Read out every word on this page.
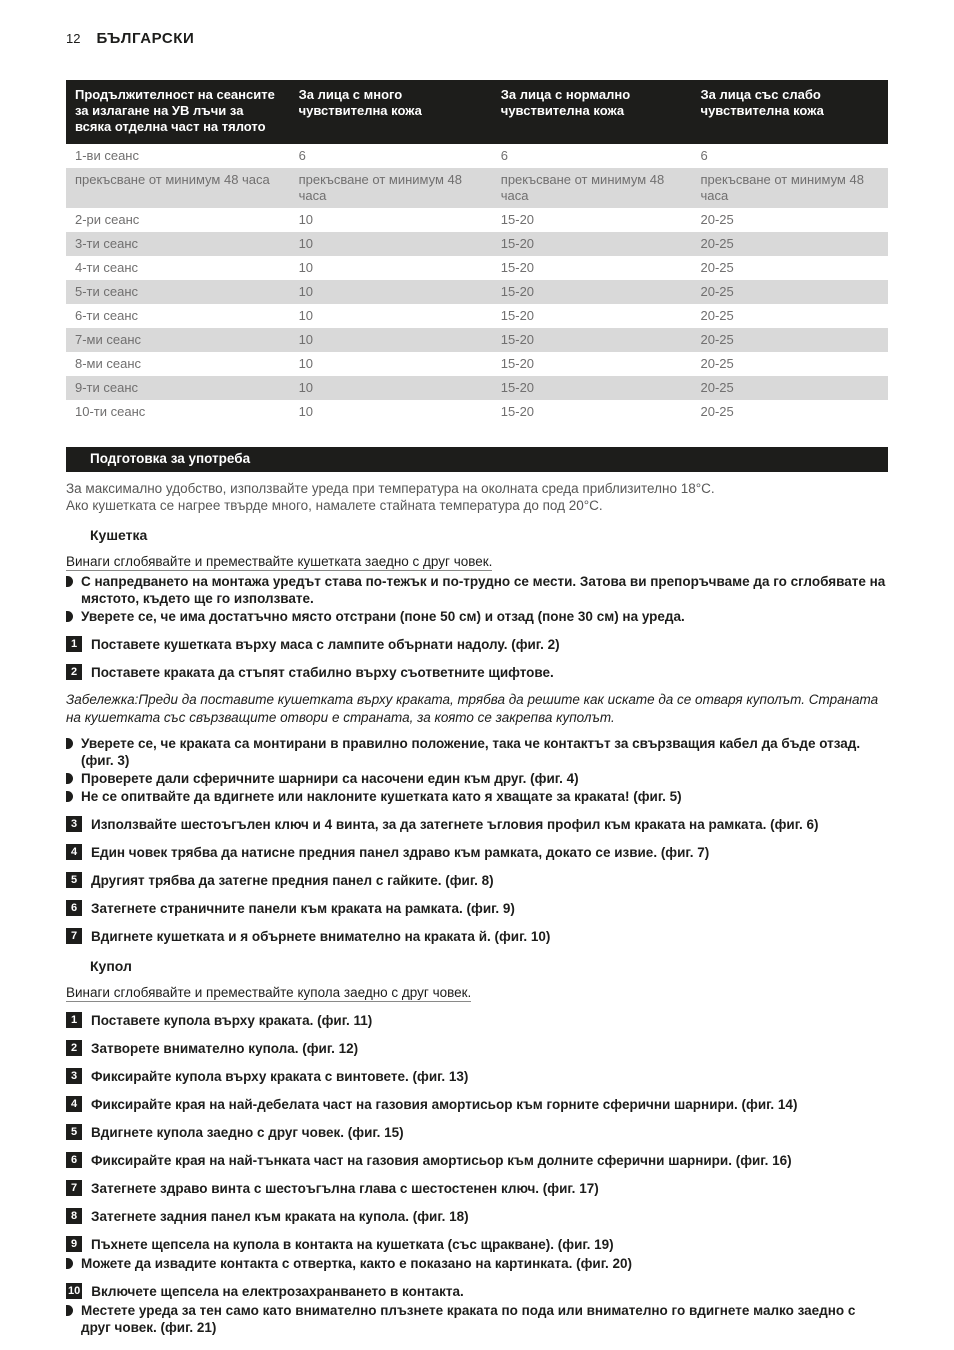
12 БЪЛГАРСКИ
Продължителност на сеансите за излагане на УВ лъчи за всяка отделна част на тялото	За лица с много чувствителна кожа	За лица с нормално чувствителна кожа	За лица със слабо чувствителна кожа
1-ви сеанс	6	6	6
прекъсване от минимум 48 часа	прекъсване от минимум 48 часа	прекъсване от минимум 48 часа	прекъсване от минимум 48 часа
2-ри сеанс	10	15-20	20-25
3-ти сеанс	10	15-20	20-25
4-ти сеанс	10	15-20	20-25
5-ти сеанс	10	15-20	20-25
6-ти сеанс	10	15-20	20-25
7-ми сеанс	10	15-20	20-25
8-ми сеанс	10	15-20	20-25
9-ти сеанс	10	15-20	20-25
10-ти сеанс	10	15-20	20-25
Подготовка за употреба

За максимално удобство, използвайте уреда при температура на околната среда приблизително 18°C.

Ако кушетката се нагрее твърде много, намалете стайната температура до под 20°C.

Кушетка
Винаги сглобявайте и премествайте кушетката заедно с друг човек.
С напредването на монтажа уредът става по-тежък и по-трудно се мести. Затова ви препоръчваме да го сглобявате на мястото, където ще го използвате.
Уверете се, че има достатъчно място отстрани (поне 50 см) и отзад (поне 30 см) на уреда.
1	Поставете кушетката върху маса с лампите обърнати надолу. (фиг. 2)
2	Поставете краката да стъпят стабилно върху съответните щифтове.

Забележка:Преди да поставите кушетката върху краката, трябва да решите как искате да се отваря куполът. Страната на кушетката със свързващите отвори е страната, за която се закрепва куполът.

Уверете се, че краката са монтирани в правилно положение, така че контактът за свързващия кабел да бъде отзад. (фиг. 3)
Проверете дали сферичните шарнири са насочени един към друг. (фиг. 4)
Не се опитвайте да вдигнете или наклоните кушетката като я хващате за краката! (фиг. 5)
3	Използвайте шестоъгълен ключ и 4 винта, за да затегнете ъгловия профил към краката на рамката. (фиг. 6)
4	Един човек трябва да натисне предния панел здраво към рамката, докато се извие. (фиг. 7)
5	Другият трябва да затегне предния панел с гайките. (фиг. 8)
6	Затегнете страничните панели към краката на рамката. (фиг. 9)
7	Вдигнете кушетката и я обърнете внимателно на краката й. (фиг. 10)
Купол
Винаги сглобявайте и премествайте купола заедно с друг човек.
1	Поставете купола върху краката. (фиг. 11)
2	Затворете внимателно купола. (фиг. 12)
3	Фиксирайте купола върху краката с винтовете. (фиг. 13)
4	Фиксирайте края на най-дебелата част на газовия амортисьор към горните сферични шарнири. (фиг. 14)
5	Вдигнете купола заедно с друг човек. (фиг. 15)
6	Фиксирайте края на най-тънката част на газовия амортисьор към долните сферични шарнири. (фиг. 16)
7	Затегнете здраво винта с шестоъгълна глава с шестостенен ключ. (фиг. 17)
8	Затегнете задния панел към краката на купола. (фиг. 18)
9	Пъхнете щепсела на купола в контакта на кушетката (със щракване). (фиг. 19)
Можете да извадите контакта с отвертка, както е показано на картинката. (фиг. 20)
10 Включете щепсела на електрозахранването в контакта.
Местете уреда за тен само като внимателно плъзнете краката по пода или внимателно го вдигнете малко заедно с друг човек. (фиг. 21)
